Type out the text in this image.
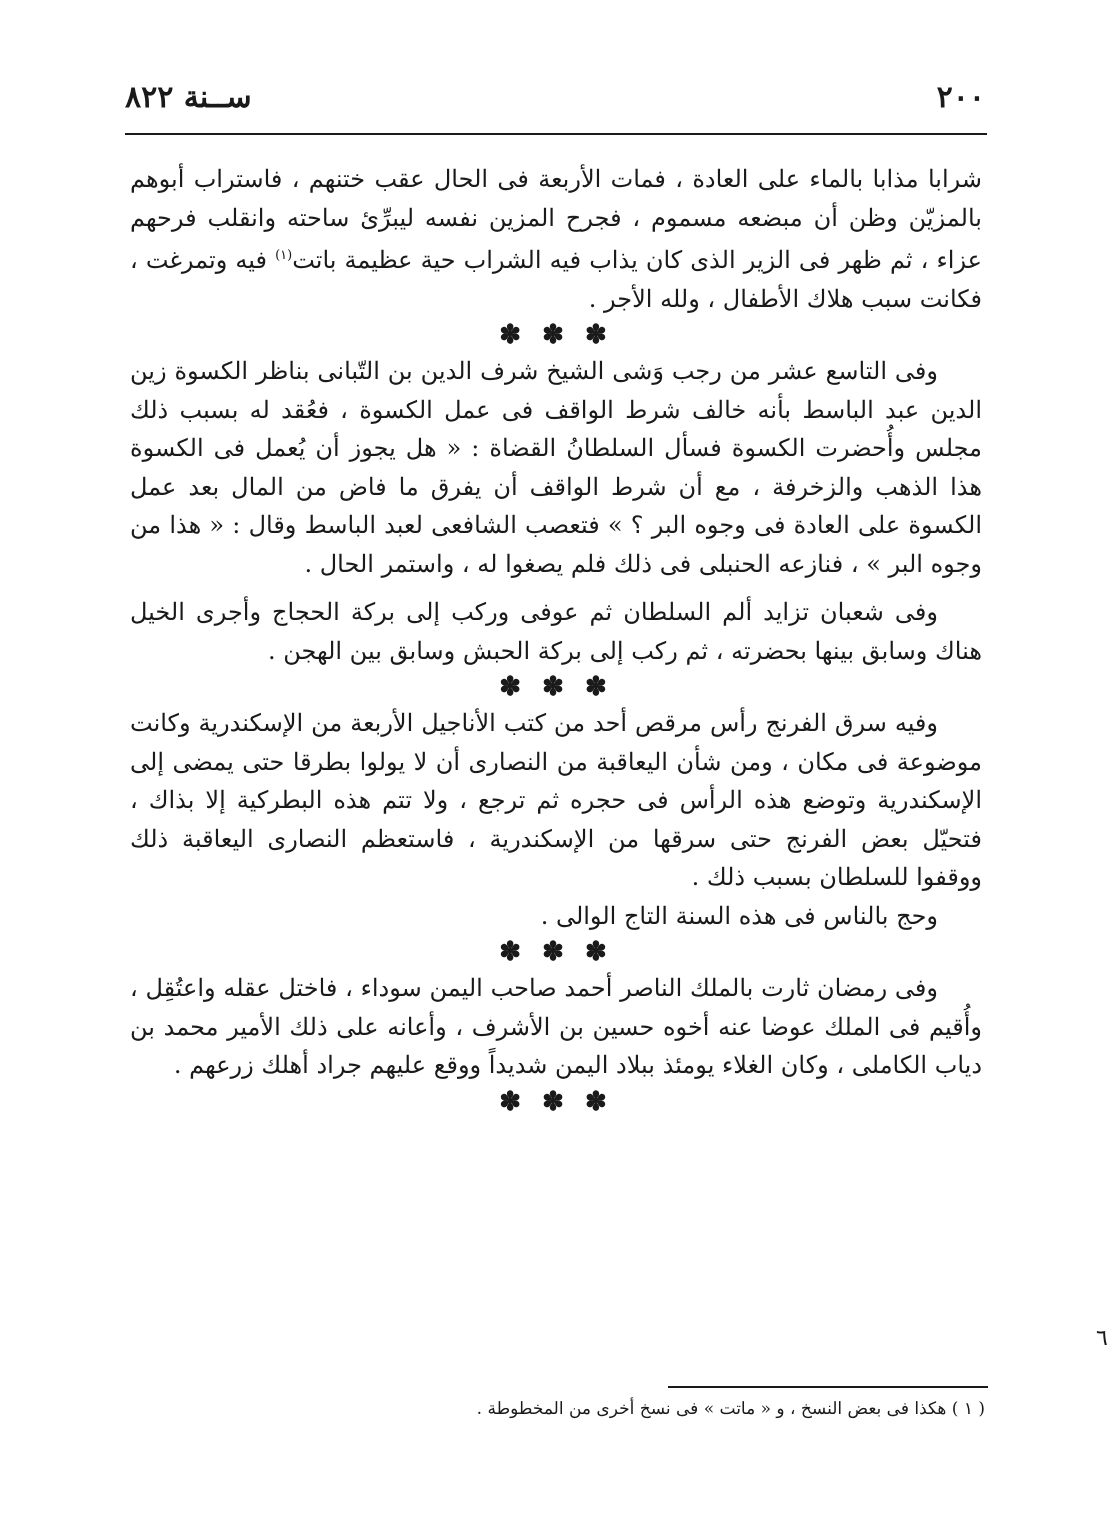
٢٠٠
ســنة ٨٢٢

شرابا مذابا بالماء على العادة ، فمات الأربعة فى الحال عقب ختنهم ، فاستراب أبوهم بالمزيّن وظن أن مبضعه مسموم ، فجرح المزين نفسه ليبرِّئ ساحته وانقلب فرحهم عزاء ، ثم ظهر فى الزير الذى كان يذاب فيه الشراب حية عظيمة باتت$^{(١)}$ فيه وتمرغت ، فكانت سبب هلاك الأطفال ، ولله الأجر .

✽ ✽ ✽

وفى التاسع عشر من رجب وَشى الشيخ شرف الدين بن التّبانى بناظر الكسوة زين الدين عبد الباسط بأنه خالف شرط الواقف فى عمل الكسوة ، فعُقد له بسبب ذلك مجلس وأُحضرت الكسوة فسأل السلطانُ القضاة : « هل يجوز أن يُعمل فى الكسوة هذا الذهب والزخرفة ، مع أن شرط الواقف أن يفرق ما فاض من المال بعد عمل الكسوة على العادة فى وجوه البر ؟ » فتعصب الشافعى لعبد الباسط وقال : « هذا من وجوه البر » ، فنازعه الحنبلى فى ذلك فلم يصغوا له ، واستمر الحال .

وفى شعبان تزايد ألم السلطان ثم عوفى وركب إلى بركة الحجاج وأجرى الخيل هناك وسابق بينها بحضرته ، ثم ركب إلى بركة الحبش وسابق بين الهجن .

✽ ✽ ✽

وفيه سرق الفرنج رأس مرقص أحد من كتب الأناجيل الأربعة من الإسكندرية وكانت موضوعة فى مكان ، ومن شأن اليعاقبة من النصارى أن لا يولوا بطرقا حتى يمضى إلى الإسكندرية وتوضع هذه الرأس فى حجره ثم ترجع ، ولا تتم هذه البطركية إلا بذاك ، فتحيّل بعض الفرنج حتى سرقها من الإسكندرية ، فاستعظم النصارى اليعاقبة ذلك ووقفوا للسلطان بسبب ذلك .

وحج بالناس فى هذه السنة التاج الوالى .

✽ ✽ ✽

وفى رمضان ثارت بالملك الناصر أحمد صاحب اليمن سوداء ، فاختل عقله واعتُقِل ، وأُقيم فى الملك عوضا عنه أخوه حسين بن الأشرف ، وأعانه على ذلك الأمير محمد بن دياب الكاملى ، وكان الغلاء يومئذ ببلاد اليمن شديداً ووقع عليهم جراد أهلك زرعهم .

✽ ✽ ✽

( ١ ) هكذا فى بعض النسخ ، و « ماتت » فى نسخ أخرى من المخطوطة .
٦
